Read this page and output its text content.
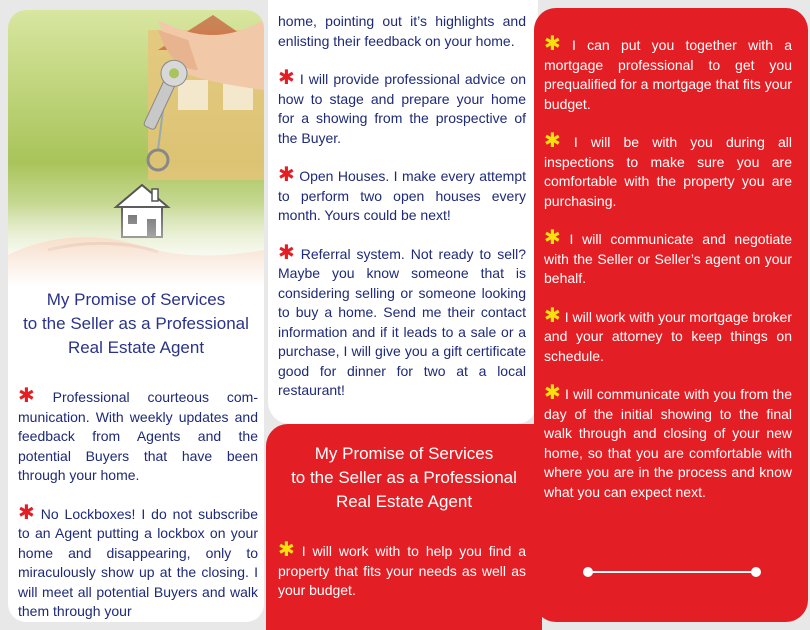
My Promise of Services
to the Seller as a Professional
Real Estate Agent

✱ Professional courteous communication. With weekly updates and feedback from Agents and the potential Buyers that have been through your home.

✱ No Lockboxes! I do not subscribe to an Agent putting a lockbox on your home and disappearing, only to miraculously show up at the closing. I will meet all potential Buyers and walk them through your

home, pointing out it’s highlights and enlisting their feedback on your home.

✱ I will provide professional advice on how to stage and prepare your home for a showing from the prospective of the Buyer.

✱ Open Houses. I make every attempt to perform two open houses every month. Yours could be next!

✱ Referral system. Not ready to sell? Maybe you know someone that is considering selling or someone looking to buy a home. Send me their contact information and if it leads to a sale or a purchase, I will give you a gift certificate good for dinner for two at a local restaurant!

My Promise of Services
to the Seller as a Professional
Real Estate Agent

✱ I will work with to help you find a property that fits your needs as well as your budget.

✱ I can put you together with a mortgage professional to get you prequalified for a mortgage that fits your budget.

✱ I will be with you during all inspections to make sure you are comfortable with the property you are purchasing.

✱ I will communicate and negotiate with the Seller or Seller’s agent on your behalf.

✱ I will work with your mortgage broker and your attorney to keep things on schedule.

✱ I will communicate with you from the day of the initial showing to the final walk through and closing of your new home, so that you are comfortable with where you are in the process and know what you can expect next.
